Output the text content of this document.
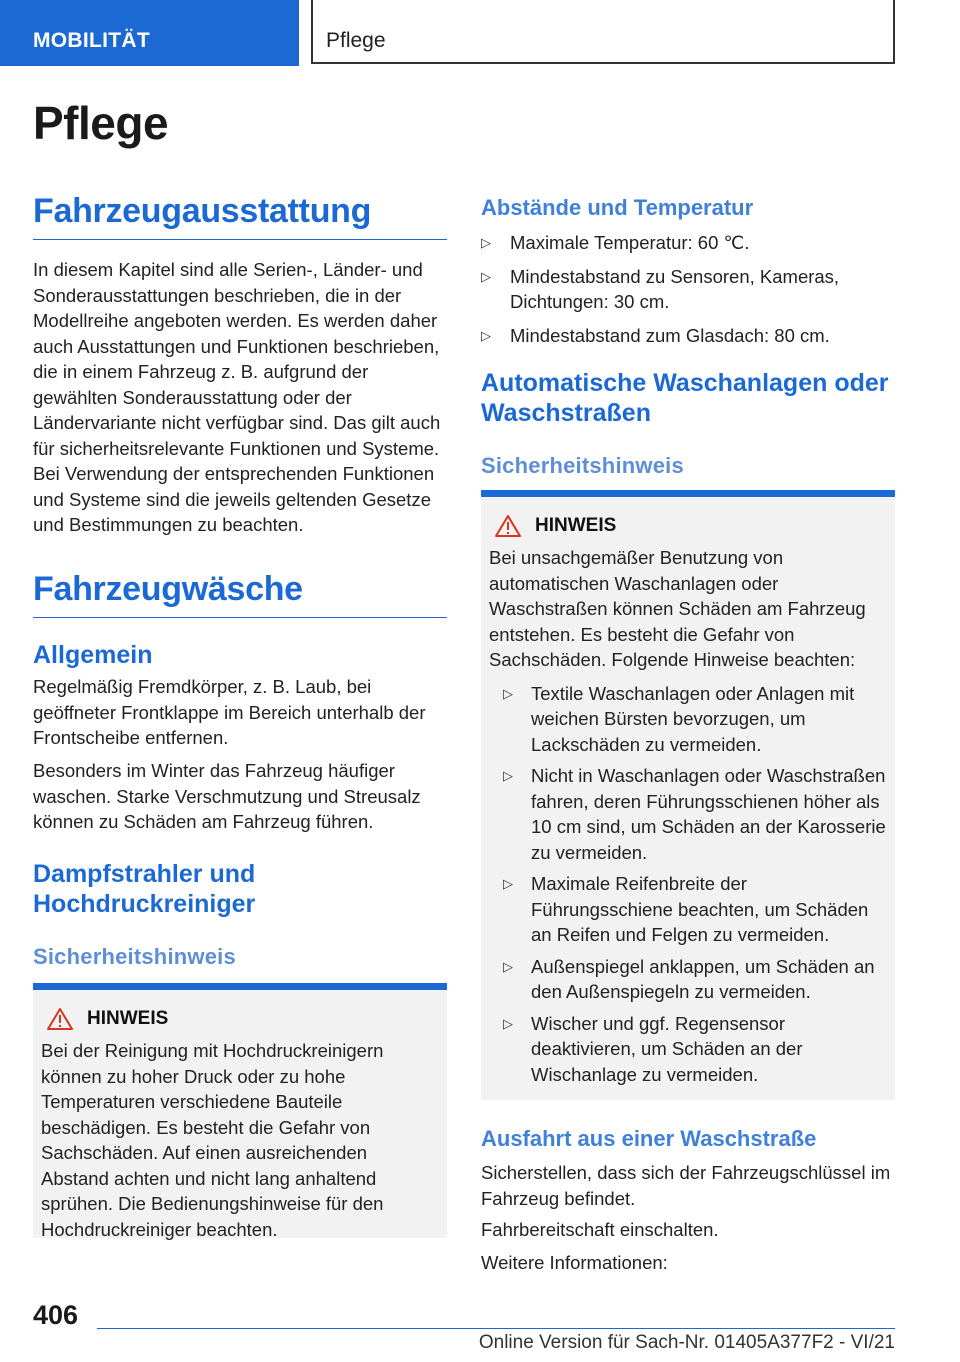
MOBILITÄT	Pflege
Pflege
Fahrzeugausstattung

In diesem Kapitel sind alle Serien-, Länder- und Sonderausstattungen beschrieben, die in der Modellreihe angeboten werden. Es werden daher auch Ausstattungen und Funktionen beschrieben, die in einem Fahrzeug z. B. aufgrund der gewählten Sonderausstattung oder der Ländervariante nicht verfügbar sind. Das gilt auch für sicherheitsrelevante Funktionen und Systeme. Bei Verwendung der entsprechenden Funktionen und Systeme sind die jeweils geltenden Gesetze und Bestimmungen zu beachten.

Fahrzeugwäsche
Allgemein

Regelmäßig Fremdkörper, z. B. Laub, bei geöffneter Frontklappe im Bereich unterhalb der Frontscheibe entfernen.

Besonders im Winter das Fahrzeug häufiger waschen. Starke Verschmutzung und Streusalz können zu Schäden am Fahrzeug führen.

Dampfstrahler und Hochdruckreiniger
Sicherheitshinweis
HINWEIS

Bei der Reinigung mit Hochdruckreinigern können zu hoher Druck oder zu hohe Temperaturen verschiedene Bauteile beschädigen. Es besteht die Gefahr von Sachschäden. Auf einen ausreichenden Abstand achten und nicht lang anhaltend sprühen. Die Bedienungshinweise für den Hochdruckreiniger beachten.

Abstände und Temperatur
▷ Maximale Temperatur: 60 ℃.
▷ Mindestabstand zu Sensoren, Kameras, Dichtungen: 30 cm.
▷ Mindestabstand zum Glasdach: 80 cm.
Automatische Waschanlagen oder Waschstraßen
Sicherheitshinweis
HINWEIS

Bei unsachgemäßer Benutzung von automatischen Waschanlagen oder Waschstraßen können Schäden am Fahrzeug entstehen. Es besteht die Gefahr von Sachschäden. Folgende Hinweise beachten:

▷ Textile Waschanlagen oder Anlagen mit weichen Bürsten bevorzugen, um Lackschäden zu vermeiden.
▷ Nicht in Waschanlagen oder Waschstraßen fahren, deren Führungsschienen höher als 10 cm sind, um Schäden an der Karosserie zu vermeiden.
▷ Maximale Reifenbreite der Führungsschiene beachten, um Schäden an Reifen und Felgen zu vermeiden.
▷ Außenspiegel anklappen, um Schäden an den Außenspiegeln zu vermeiden.
▷ Wischer und ggf. Regensensor deaktivieren, um Schäden an der Wischanlage zu vermeiden.
Ausfahrt aus einer Waschstraße

Sicherstellen, dass sich der Fahrzeugschlüssel im Fahrzeug befindet.

Fahrbereitschaft einschalten.

Weitere Informationen:

406
Online Version für Sach-Nr. 01405A377F2 - VI/21
